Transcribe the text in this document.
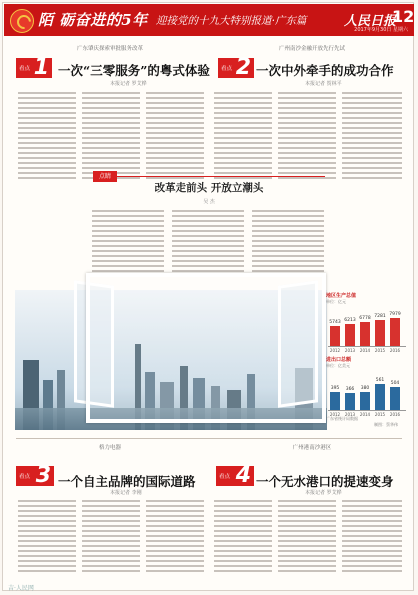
陌 砺奋进的5年 迎接党的十九大特别报道·广东篇	人民日报
12
2017年9月30日 星期六
广东肇庆探索审批服务改革
看点 1 一次“三零服务”的粤式体验
本报记者 罗艾桦
广州南沙金融开放先行先试
看点 2 一次中外牵手的成功合作
本报记者 贺林平
点睛
改革走前头 开放立潮头
吴 杰
地区生产总值
单位：亿元
进出口总额
单位：亿美元
广东省统计局数据
制图：蔡华伟
5743
2012
6213
2013
6778
2014
7281
2015
7979
2016
395
2012
366
2013
380
2014
561
2015
504
2016
格力电器
看点 3 一个自主品牌的国际道路
本报记者 李刚
广州港南沙港区
看点 4 一个无水港口的提速变身
本报记者 罗艾桦
吉·人民网
